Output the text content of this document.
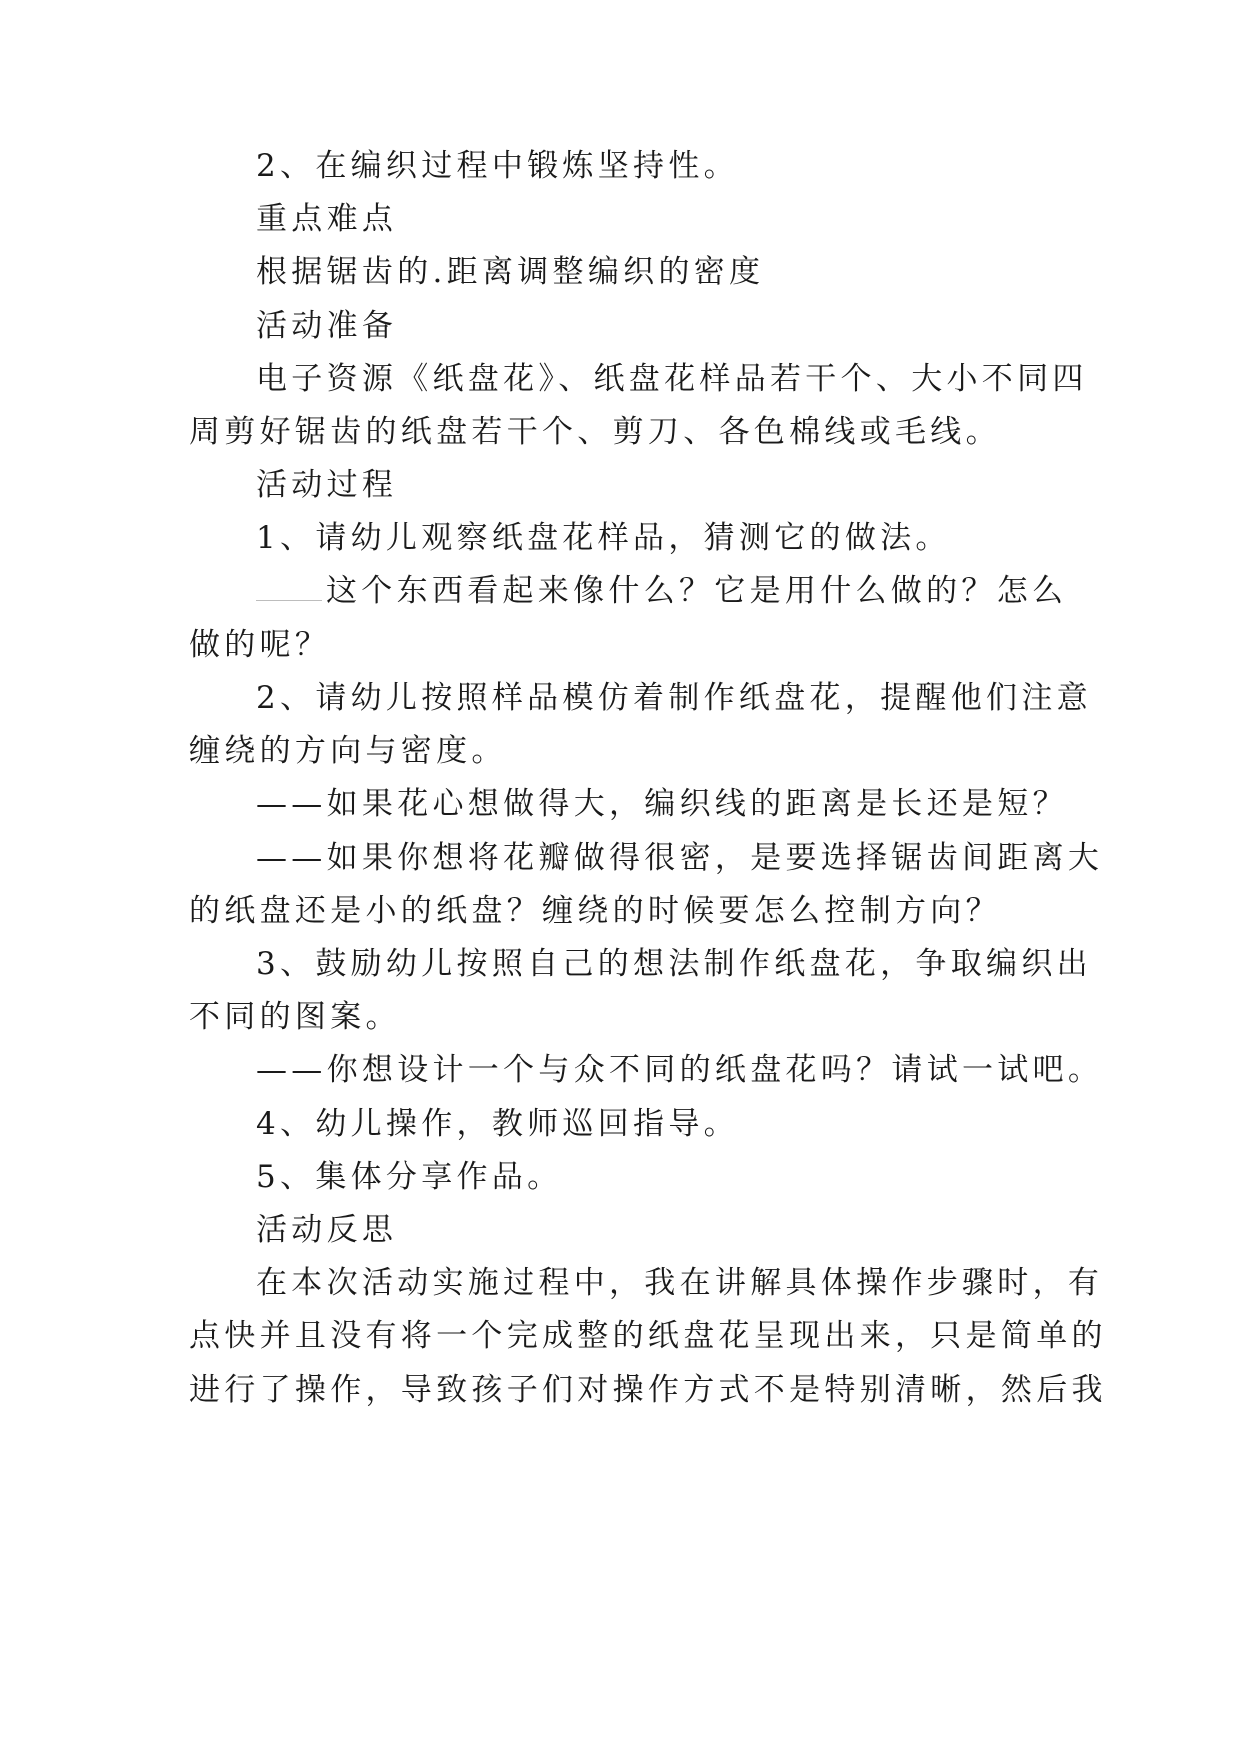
2、在编织过程中锻炼坚持性。
重点难点
根据锯齿的.距离调整编织的密度
活动准备
电子资源《纸盘花》、纸盘花样品若干个、大小不同四
周剪好锯齿的纸盘若干个、剪刀、各色棉线或毛线。
活动过程
1、请幼儿观察纸盘花样品，猜测它的做法。
这个东西看起来像什么？它是用什么做的？怎么
做的呢？
2、请幼儿按照样品模仿着制作纸盘花，提醒他们注意
缠绕的方向与密度。
——如果花心想做得大，编织线的距离是长还是短？
——如果你想将花瓣做得很密，是要选择锯齿间距离大
的纸盘还是小的纸盘？缠绕的时候要怎么控制方向？
3、鼓励幼儿按照自己的想法制作纸盘花，争取编织出
不同的图案。
——你想设计一个与众不同的纸盘花吗？请试一试吧。
4、幼儿操作，教师巡回指导。
5、集体分享作品。
活动反思
在本次活动实施过程中，我在讲解具体操作步骤时，有
点快并且没有将一个完成整的纸盘花呈现出来，只是简单的
进行了操作，导致孩子们对操作方式不是特别清晰，然后我
